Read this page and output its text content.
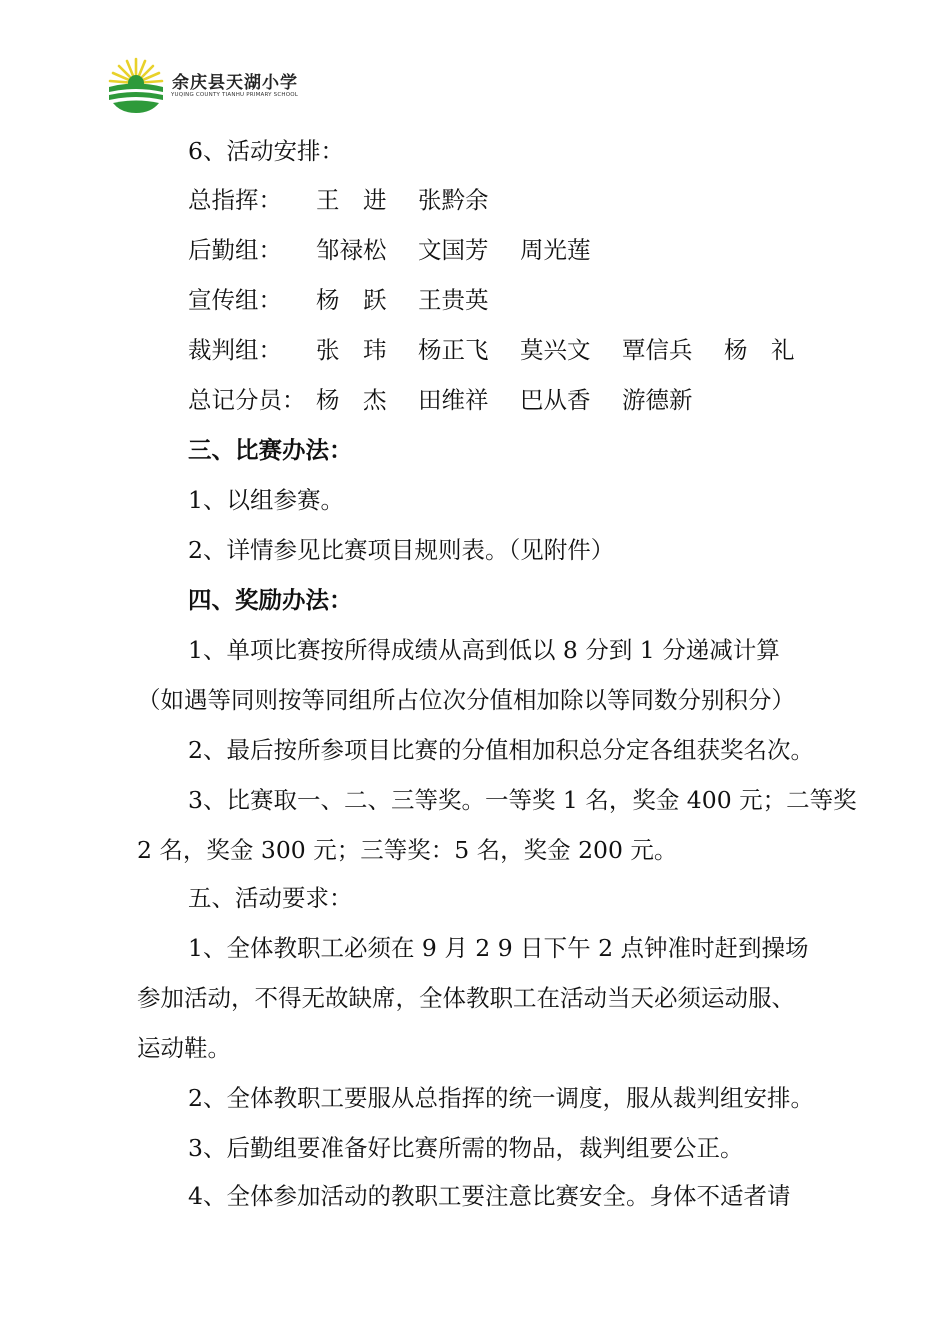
余庆县天湖小学
YUQING COUNTY TIANHU PRIMARY SCHOOL
6、活动安排：
总指挥： 王　进 张黔余
后勤组： 邹禄松 文国芳 周光莲
宣传组： 杨　跃 王贵英
裁判组： 张　玮 杨正飞 莫兴文 覃信兵 杨　礼
总记分员： 杨　杰 田维祥 巴从香 游德新
三、比赛办法：
1、以组参赛。
2、详情参见比赛项目规则表。（见附件）
四、奖励办法：
1、单项比赛按所得成绩从高到低以 8 分到 1 分递减计算
（如遇等同则按等同组所占位次分值相加除以等同数分别积分）
2、最后按所参项目比赛的分值相加积总分定各组获奖名次。
3、比赛取一、二、三等奖。一等奖 1 名，奖金 400 元；二等奖
2 名，奖金 300 元；三等奖：5 名，奖金 200 元。
五、活动要求：
1、全体教职工必须在 9 月 2 9 日下午 2 点钟准时赶到操场
参加活动，不得无故缺席，全体教职工在活动当天必须运动服、
运动鞋。
2、全体教职工要服从总指挥的统一调度，服从裁判组安排。
3、后勤组要准备好比赛所需的物品，裁判组要公正。
4、全体参加活动的教职工要注意比赛安全。身体不适者请
